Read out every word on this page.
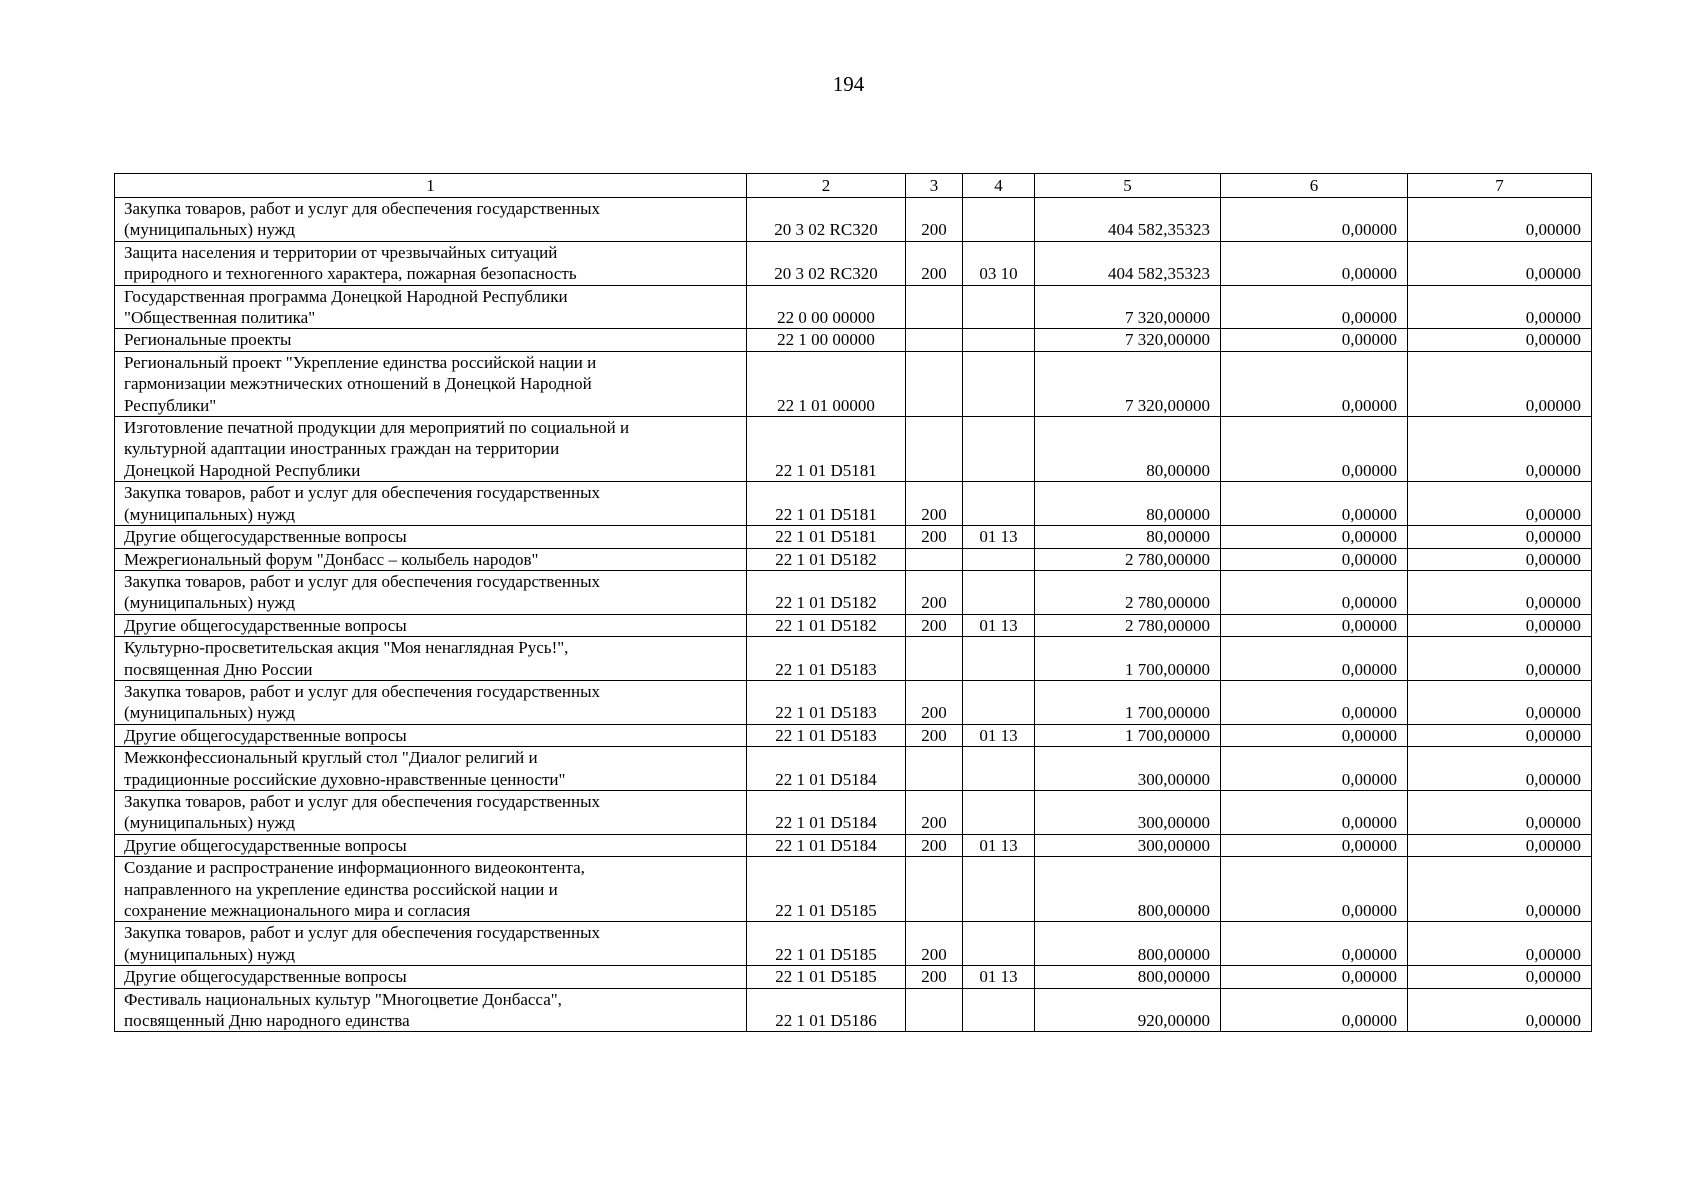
194
1	2	3	4	5	6	7

Закупка товаров, работ и услуг для обеспечения государственных
(муниципальных) нужд	20 3 02 RC320	200		404 582,35323	0,00000	0,00000

Защита населения и территории от чрезвычайных ситуаций
природного и техногенного характера, пожарная безопасность	20 3 02 RC320	200	03 10	404 582,35323	0,00000	0,00000

Государственная программа Донецкой Народной Республики
"Общественная политика"	22 0 00 00000			7 320,00000	0,00000	0,00000

Региональные проекты	22 1 00 00000			7 320,00000	0,00000	0,00000

Региональный проект "Укрепление единства российской нации и
гармонизации межэтнических отношений в Донецкой Народной
Республики"	22 1 01 00000			7 320,00000	0,00000	0,00000

Изготовление печатной продукции для мероприятий по социальной и
культурной адаптации иностранных граждан на территории
Донецкой Народной Республики	22 1 01 D5181			80,00000	0,00000	0,00000

Закупка товаров, работ и услуг для обеспечения государственных
(муниципальных) нужд	22 1 01 D5181	200		80,00000	0,00000	0,00000

Другие общегосударственные вопросы	22 1 01 D5181	200	01 13	80,00000	0,00000	0,00000

Межрегиональный форум "Донбасс – колыбель народов"	22 1 01 D5182			2 780,00000	0,00000	0,00000

Закупка товаров, работ и услуг для обеспечения государственных
(муниципальных) нужд	22 1 01 D5182	200		2 780,00000	0,00000	0,00000

Другие общегосударственные вопросы	22 1 01 D5182	200	01 13	2 780,00000	0,00000	0,00000

Культурно-просветительская акция "Моя ненаглядная Русь!",
посвященная Дню России	22 1 01 D5183			1 700,00000	0,00000	0,00000

Закупка товаров, работ и услуг для обеспечения государственных
(муниципальных) нужд	22 1 01 D5183	200		1 700,00000	0,00000	0,00000

Другие общегосударственные вопросы	22 1 01 D5183	200	01 13	1 700,00000	0,00000	0,00000

Межконфессиональный круглый стол "Диалог религий и
традиционные российские духовно-нравственные ценности"	22 1 01 D5184			300,00000	0,00000	0,00000

Закупка товаров, работ и услуг для обеспечения государственных
(муниципальных) нужд	22 1 01 D5184	200		300,00000	0,00000	0,00000

Другие общегосударственные вопросы	22 1 01 D5184	200	01 13	300,00000	0,00000	0,00000

Создание и распространение информационного видеоконтента,
направленного на укрепление единства российской нации и
сохранение межнационального мира и согласия	22 1 01 D5185			800,00000	0,00000	0,00000

Закупка товаров, работ и услуг для обеспечения государственных
(муниципальных) нужд	22 1 01 D5185	200		800,00000	0,00000	0,00000

Другие общегосударственные вопросы	22 1 01 D5185	200	01 13	800,00000	0,00000	0,00000

Фестиваль национальных культур "Многоцветие Донбасса",
посвященный Дню народного единства	22 1 01 D5186			920,00000	0,00000	0,00000
